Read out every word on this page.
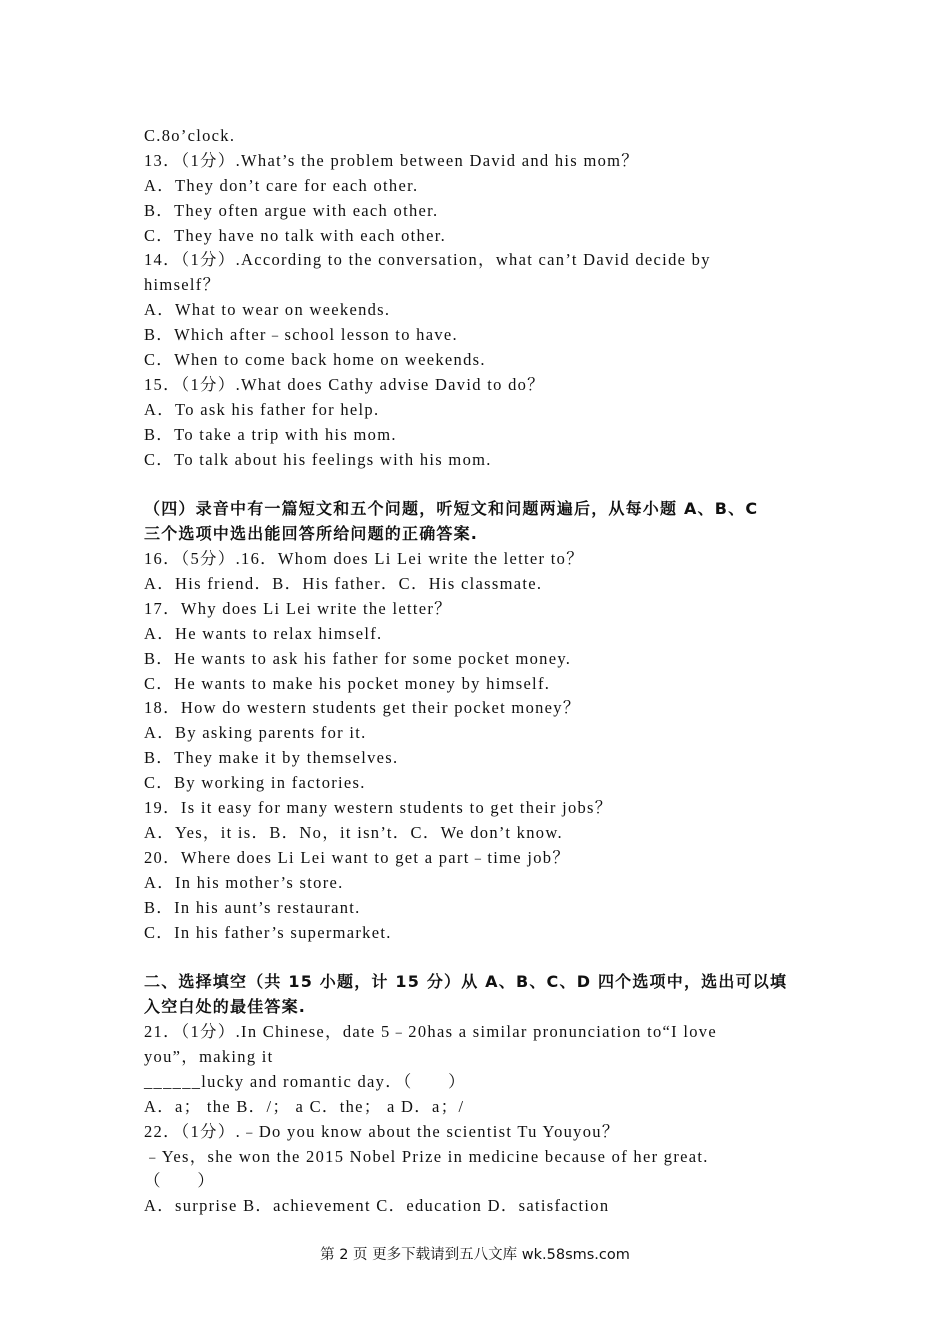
C.8o’clock.
13．（1分）.What’s the problem between David and his mom？
A．They don’t care for each other.
B．They often argue with each other.
C．They have no talk with each other.
14．（1分）.According to the conversation，what can’t David decide by
himself？
A．What to wear on weekends.
B．Which after﹣school lesson to have.
C．When to come back home on weekends.
15．（1分）.What does Cathy advise David to do？
A．To ask his father for help.
B．To take a trip with his mom.
C．To talk about his feelings with his mom.
（四）录音中有一篇短文和五个问题，听短文和问题两遍后，从每小题 A、B、C
三个选项中选出能回答所给问题的正确答案.
16．（5分）.16．Whom does Li Lei write the letter to？
A．His friend．B．His father．C．His classmate.
17．Why does Li Lei write the letter？
A．He wants to relax himself.
B．He wants to ask his father for some pocket money.
C．He wants to make his pocket money by himself.
18．How do western students get their pocket money？
A．By asking parents for it.
B．They make it by themselves.
C．By working in factories.
19．Is it easy for many western students to get their jobs？
A．Yes，it is．B．No，it isn’t．C．We don’t know.
20．Where does Li Lei want to get a part﹣time job？
A．In his mother’s store.
B．In his aunt’s restaurant.
C．In his father’s supermarket.
二、选择填空（共 15 小题，计 15 分）从 A、B、C、D 四个选项中，选出可以填
入空白处的最佳答案.
21．（1分）.In Chinese，date 5﹣20has a similar pronunciation to“I love
you”，making it
______lucky and romantic day．（　　）
A．a； the B．/； a C．the； a D．a；/
22．（1分）.﹣Do you know about the scientist Tu Youyou？
﹣Yes，she won the 2015 Nobel Prize in medicine because of her great.
（　　）
A．surprise B．achievement C．education D．satisfaction
第 2 页 更多下载请到五八文库 wk.58sms.com
